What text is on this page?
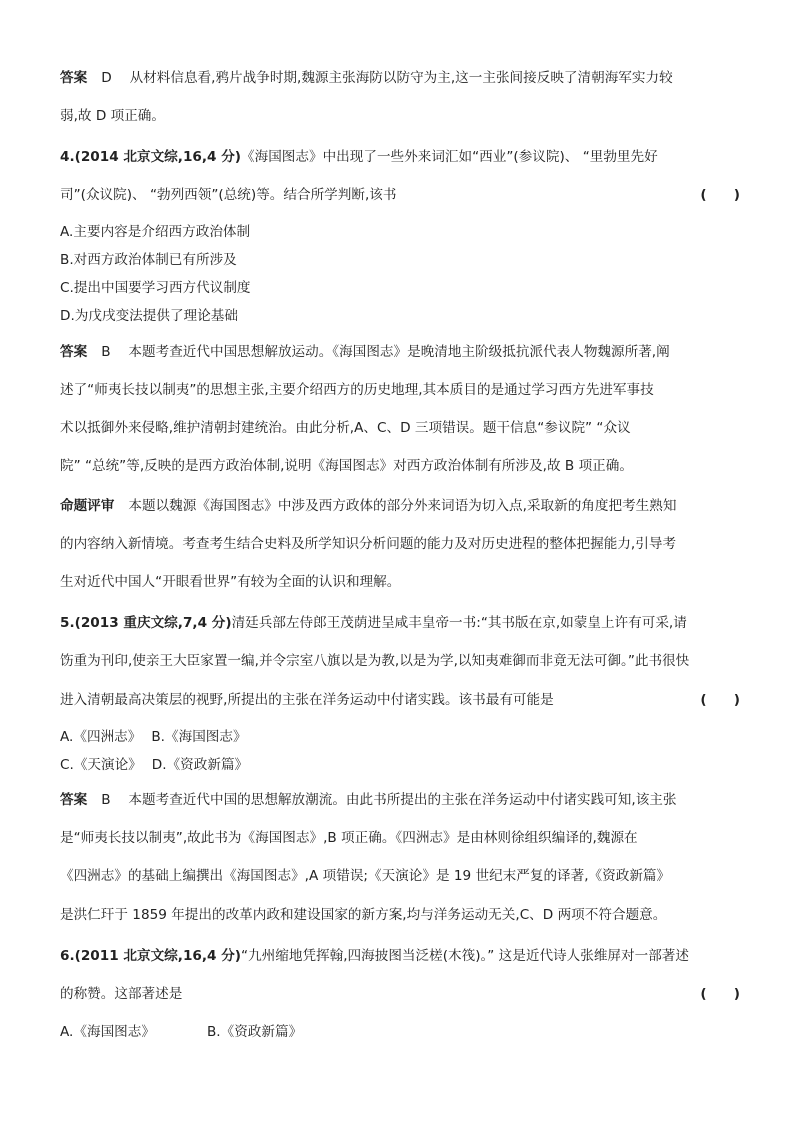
答案 D　 从材料信息看,鸦片战争时期,魏源主张海防以防守为主,这一主张间接反映了清朝海军实力较
弱,故 D 项正确。
4.(2014 北京文综,16,4 分)《海国图志》中出现了一些外来词汇如“西业”(参议院)、 “里勃里先好
司”(众议院)、 “勃列西领”(总统)等。结合所学判断,该书	(　　)
A.主要内容是介绍西方政治体制
B.对西方政治体制已有所涉及
C.提出中国要学习西方代议制度
D.为戊戌变法提供了理论基础
答案 B　 本题考查近代中国思想解放运动。《海国图志》是晚清地主阶级抵抗派代表人物魏源所著,阐
述了“师夷长技以制夷”的思想主张,主要介绍西方的历史地理,其本质目的是通过学习西方先进军事技
术以抵御外来侵略,维护清朝封建统治。由此分析,A、C、D 三项错误。题干信息“参议院” “众议
院” “总统”等,反映的是西方政治体制,说明《海国图志》对西方政治体制有所涉及,故 B 项正确。
命题评审 本题以魏源《海国图志》中涉及西方政体的部分外来词语为切入点,采取新的角度把考生熟知
的内容纳入新情境。考查考生结合史料及所学知识分析问题的能力及对历史进程的整体把握能力,引导考
生对近代中国人“开眼看世界”有较为全面的认识和理解。
5.(2013 重庆文综,7,4 分)清廷兵部左侍郎王茂荫进呈咸丰皇帝一书:“其书版在京,如蒙皇上许有可采,请
饬重为刊印,使亲王大臣家置一编,并令宗室八旗以是为教,以是为学,以知夷难御而非竟无法可御。”此书很快
进入清朝最高决策层的视野,所提出的主张在洋务运动中付诸实践。该书最有可能是	(　　)
A.《四洲志》 B.《海国图志》
C.《天演论》 D.《资政新篇》
答案 B　 本题考查近代中国的思想解放潮流。由此书所提出的主张在洋务运动中付诸实践可知,该主张
是“师夷长技以制夷”,故此书为《海国图志》,B 项正确。《四洲志》是由林则徐组织编译的,魏源在
《四洲志》的基础上编撰出《海国图志》,A 项错误;《天演论》是 19 世纪末严复的译著,《资政新篇》
是洪仁玕于 1859 年提出的改革内政和建设国家的新方案,均与洋务运动无关,C、D 两项不符合题意。
6.(2011 北京文综,16,4 分)“九州缩地凭挥翰,四海披图当泛槎(木筏)。” 这是近代诗人张维屏对一部著述
的称赞。这部著述是	(　　)
A.《海国图志》	B.《资政新篇》
